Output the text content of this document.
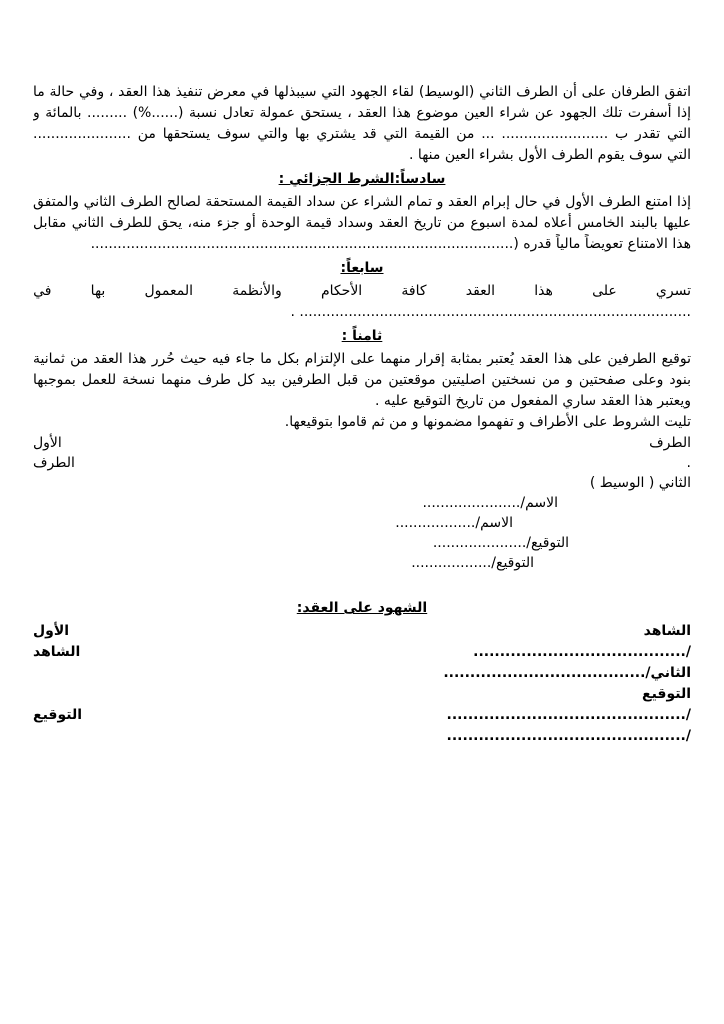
اتفق الطرفان على أن الطرف الثاني (الوسيط) لقاء الجهود التي سيبذلها في معرض تنفيذ هذا العقد ، وفي حالة ما
إذا أسفرت تلك الجهود عن شراء العين موضوع هذا العقد ، يستحق عمولة تعادل نسبة (......%) ......... بالمائة و
التي تقدر ب ........................ ... من القيمة التي قد يشتري بها والتي سوف يستحقها من ......................
التي سوف يقوم الطرف الأول بشراء العين منها .
سادساً:الشرط الجزائي :
إذا امتنع الطرف الأول في حال إبرام العقد و تمام الشراء عن سداد القيمة المستحقة لصالح الطرف الثاني والمتفق
عليها بالبند الخامس أعلاه لمدة اسبوع من تاريخ العقد وسداد قيمة الوحدة أو جزء منه، يحق للطرف الثاني مقابل
هذا الامتناع تعويضاً مالياً قدره (...............................................................................................
سابعاً:
تسري
على
هذا
العقد
كافة
الأحكام
والأنظمة
المعمول
بها
في
........................................................................................ .
ثامناً :
توقيع الطرفين على هذا العقد يُعتبر بمثابة إقرار منهما على الإلتزام بكل ما جاء فيه حيث حُرر هذا العقد من ثمانية
بنود وعلى صفحتين و من نسختين اصليتين موقعتين من قبل الطرفين بيد كل طرف منهما نسخة للعمل بموجبها
ويعتبر هذا العقد ساري المفعول من تاريخ التوقيع عليه .
تليت الشروط على الأطراف و تفهموا مضمونها و من ثم قاموا بتوقيعها.
الطرف
الأول
.
الطرف
الثاني ( الوسيط )
الاسم/......................
الاسم/..................
التوقيع/.....................
التوقيع/..................
الشهود على العقد:
الشاهد
الأول
/........................................
الشاهد
الثاني/......................................
التوقيع
/.............................................
التوقيع
/.............................................
